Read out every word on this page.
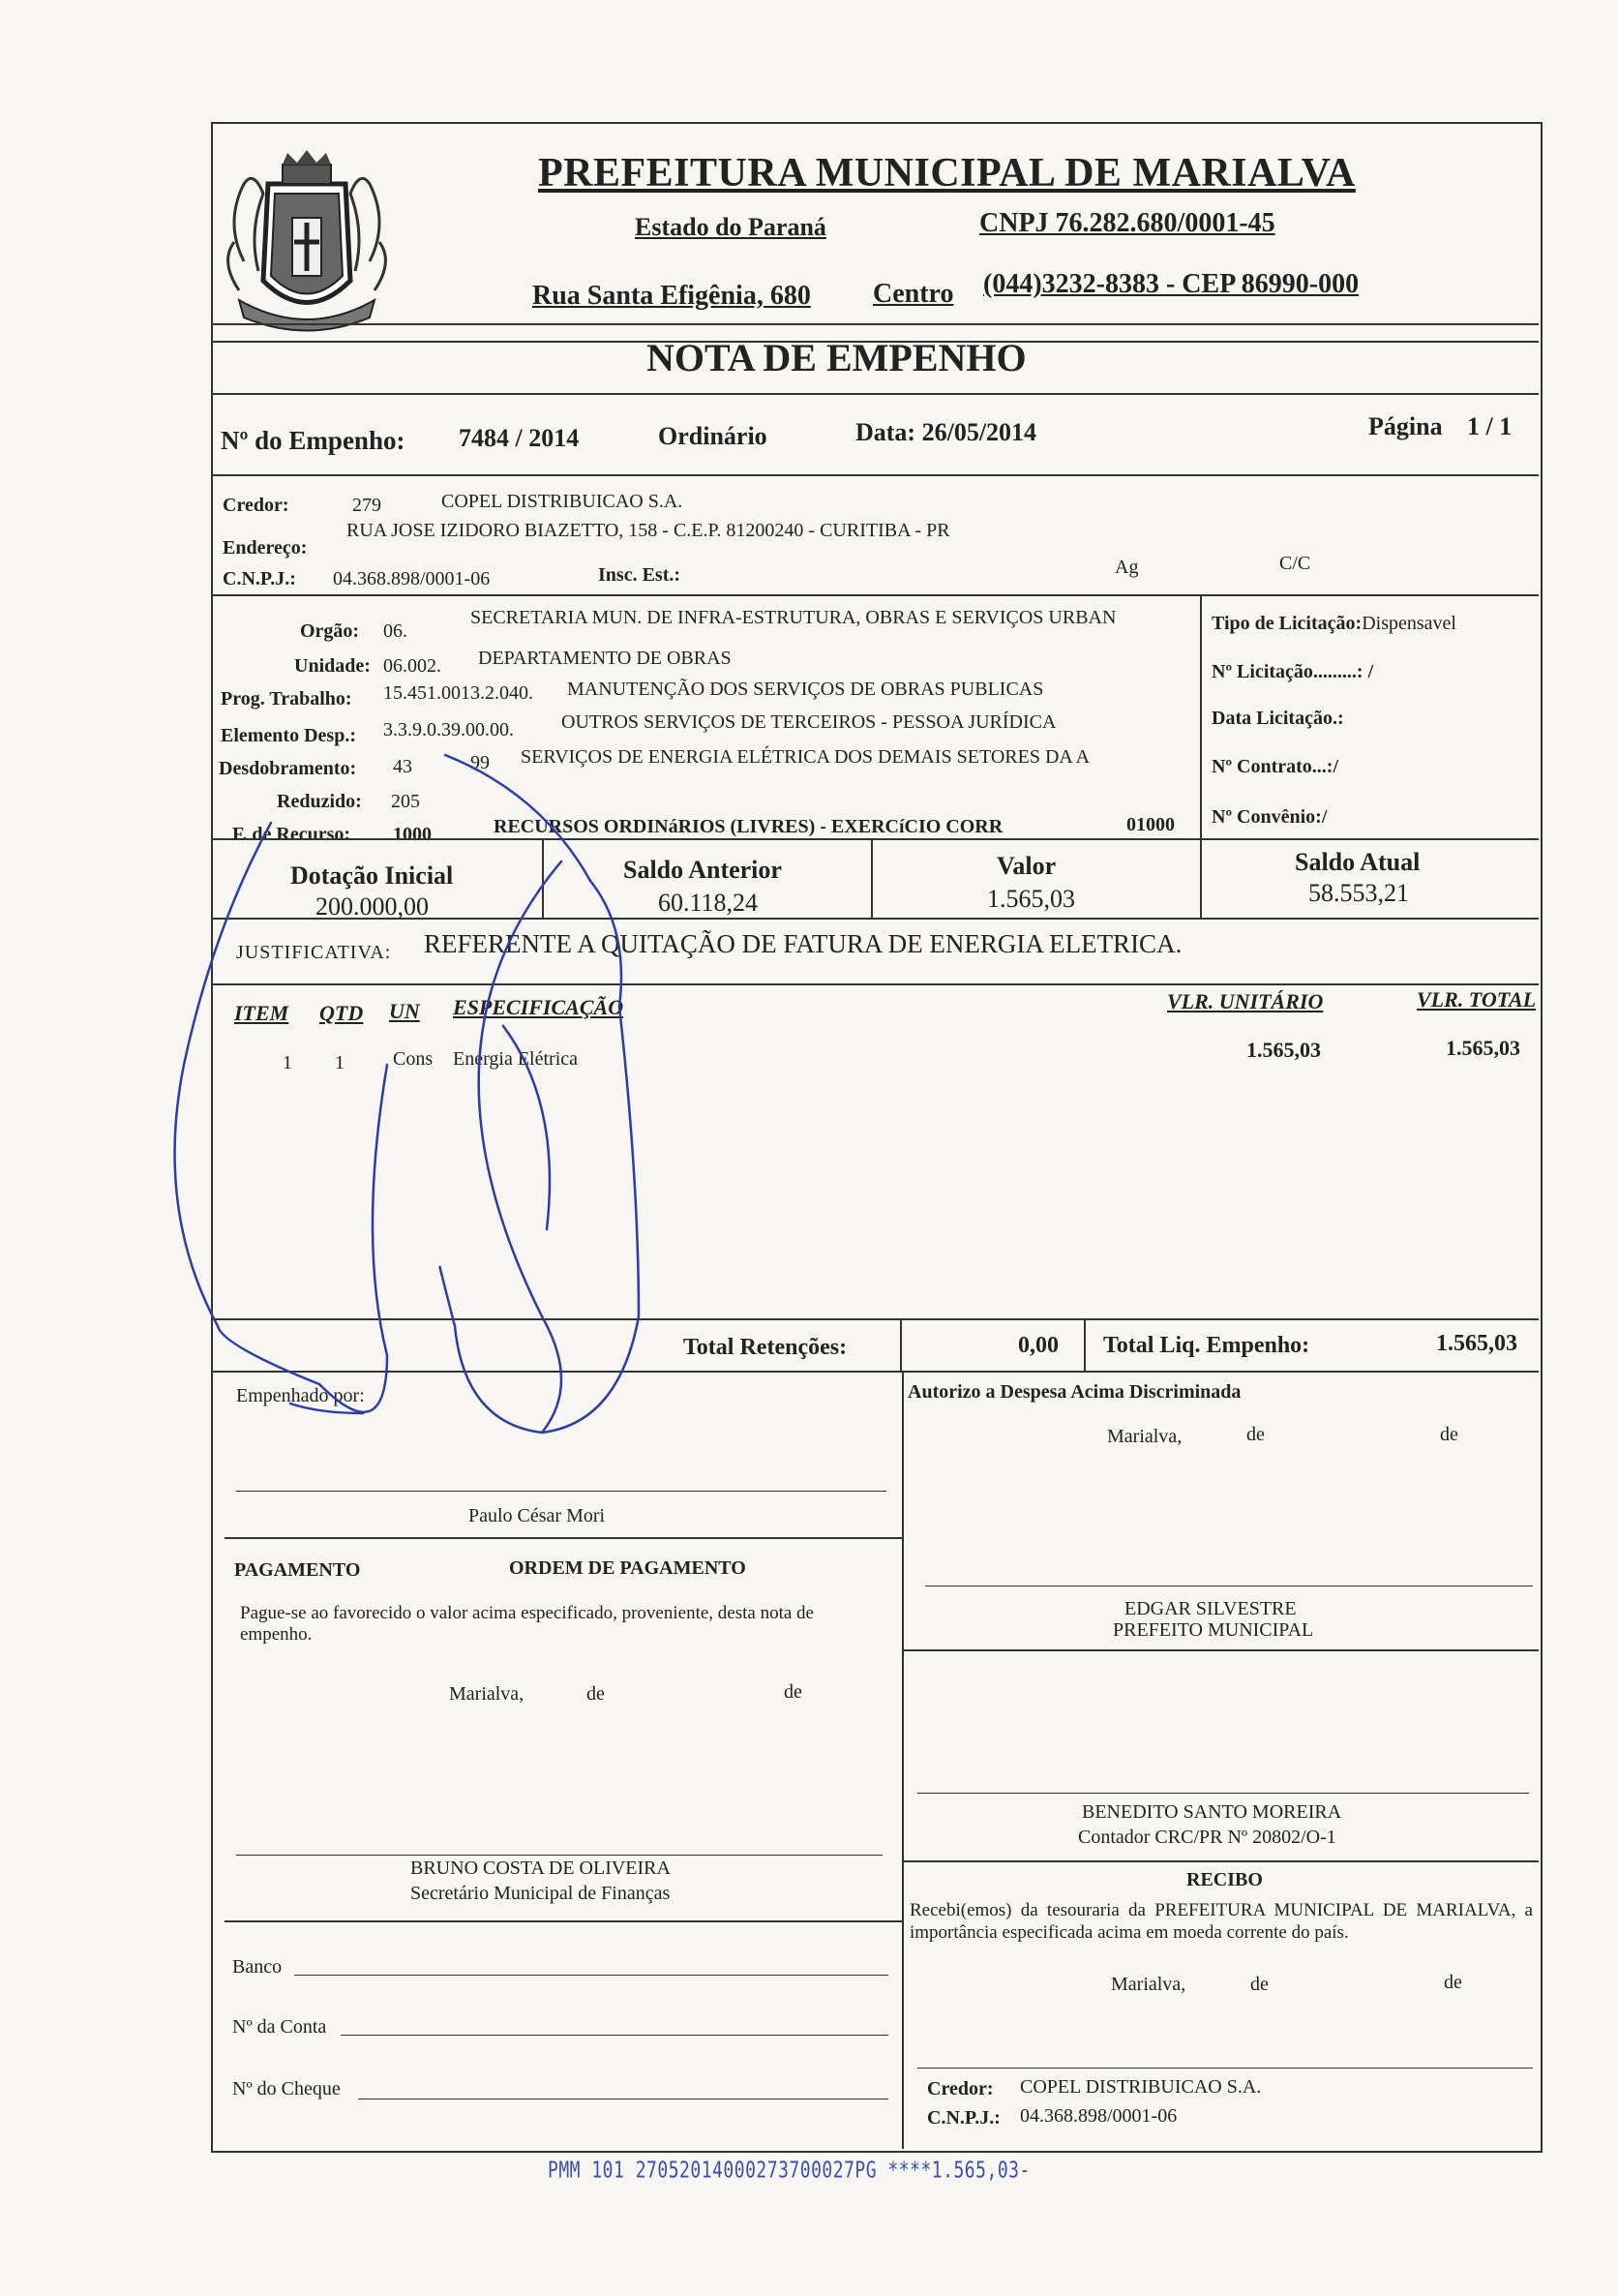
PREFEITURA MUNICIPAL DE MARIALVA
Estado do Paraná	CNPJ 76.282.680/0001-45
Rua Santa Efigênia, 680 Centro (044)3232-8383 - CEP 86990-000
NOTA DE EMPENHO
Nº do Empenho: 7484 / 2014	Ordinário	Data: 26/05/2014	Página 1 / 1
Credor:	279	COPEL DISTRIBUICAO S.A.
Endereço:
RUA JOSE IZIDORO BIAZETTO, 158 - C.E.P. 81200240 - CURITIBA - PR
C.N.P.J.: 04.368.898/0001-06	Insc. Est.:	Ag	C/C
Orgão: 06.
SECRETARIA MUN. DE INFRA-ESTRUTURA, OBRAS E SERVIÇOS URBAN
Unidade: 06.002. DEPARTAMENTO DE OBRAS
Prog. Trabalho: 15.451.0013.2.040. MANUTENÇÃO DOS SERVIÇOS DE OBRAS PUBLICAS
Elemento Desp.: 3.3.9.0.39.00.00. OUTROS SERVIÇOS DE TERCEIROS - PESSOA JURÍDICA
Desdobramento: 43	99 SERVIÇOS DE ENERGIA ELÉTRICA DOS DEMAIS SETORES DA A
Reduzido: 205
F. de Recurso: 1000	RECURSOS ORDINáRIOS (LIVRES) - EXERCíCIO CORR	01000
Tipo de Licitação:Dispensavel
Nº Licitação.........: /
Data Licitação.:
Nº Contrato...:/
Nº Convênio:/
Dotação Inicial
200.000,00
Saldo Anterior
60.118,24
Valor
1.565,03
Saldo Atual
58.553,21
JUSTIFICATIVA: REFERENTE A QUITAÇÃO DE FATURA DE ENERGIA ELETRICA.
ITEM QTD UN ESPECIFICAÇÃO	VLR. UNITÁRIO	VLR. TOTAL
1 1	Cons Energia Elétrica	1.565,03	1.565,03
Total Retenções:	0,00 Total Liq. Empenho:	1.565,03
Empenhado por:
Paulo César Mori
Autorizo a Despesa Acima Discriminada
Marialva,	de	de
EDGAR SILVESTRE
PREFEITO MUNICIPAL
PAGAMENTO	ORDEM DE PAGAMENTO
Pague-se ao favorecido o valor acima especificado, proveniente, desta nota de empenho.
Marialva,	de	de
BENEDITO SANTO MOREIRA
Contador CRC/PR Nº 20802/O-1
BRUNO COSTA DE OLIVEIRA
Secretário Municipal de Finanças
RECIBO
Recebi(emos) da tesouraria da PREFEITURA MUNICIPAL DE MARIALVA, a importância especificada acima em moeda corrente do país.
Marialva,	de	de
Banco
Nº da Conta
Nº do Cheque	Credor: COPEL DISTRIBUICAO S.A.
C.N.P.J.: 04.368.898/0001-06
PMM 101 27052014000273700027PG ****1.565,03-
